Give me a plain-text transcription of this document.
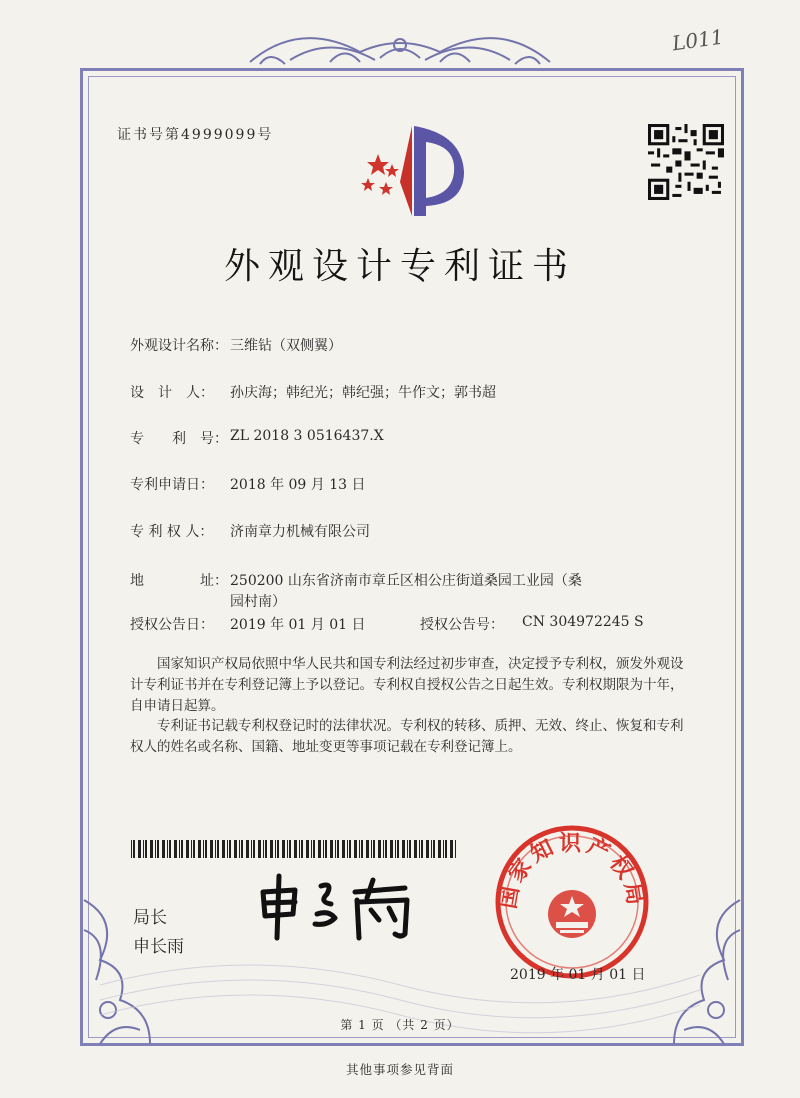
L011
证书号第4999099号
外观设计专利证书
外观设计名称： 三维钻（双侧翼）
设　计　人： 孙庆海；韩纪光；韩纪强；牛作文；郭书超
专　　利　号： ZL 2018 3 0516437.X
专利申请日： 2018 年 09 月 13 日
专 利 权 人： 济南章力机械有限公司
地　　　　址： 250200 山东省济南市章丘区相公庄街道桑园工业园（桑
园村南）
授权公告日： 2019 年 01 月 01 日	授权公告号： CN 304972245 S
国家知识产权局依照中华人民共和国专利法经过初步审查，决定授予专利权，颁发外观设计专利证书并在专利登记簿上予以登记。专利权自授权公告之日起生效。专利权期限为十年，自申请日起算。
专利证书记载专利权登记时的法律状况。专利权的转移、质押、无效、终止、恢复和专利权人的姓名或名称、国籍、地址变更等事项记载在专利登记簿上。
局长
申长雨
国家知识产权局
2019 年 01 月 01 日
第 1 页 （共 2 页）
其他事项参见背面
